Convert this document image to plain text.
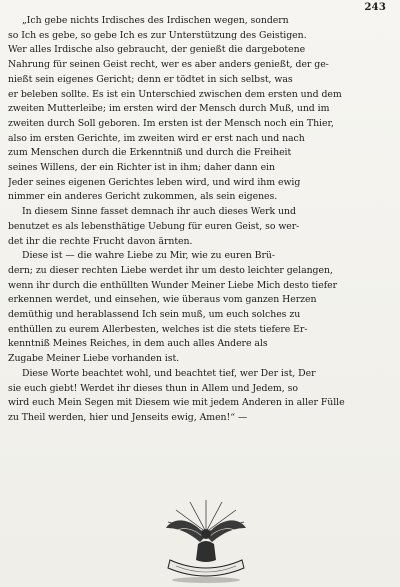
243

„Ich gebe nichts Irdisches des Irdischen wegen, sondern
so Ich es gebe, so gebe Ich es zur Unterstützung des Geistigen.
Wer alles Irdische also gebraucht, der genießt die dargebotene
Nahrung für seinen Geist recht, wer es aber anders genießt, der ge-
nießt sein eigenes Gericht; denn er tödtet in sich selbst, was
er beleben sollte. Es ist ein Unterschied zwischen dem ersten und dem
zweiten Mutterleibe; im ersten wird der Mensch durch Muß, und im
zweiten durch Soll geboren. Im ersten ist der Mensch noch ein Thier,
also im ersten Gerichte, im zweiten wird er erst nach und nach
zum Menschen durch die Erkenntniß und durch die Freiheit
seines Willens, der ein Richter ist in ihm; daher dann ein
Jeder seines eigenen Gerichtes leben wird, und wird ihm ewig
nimmer ein anderes Gericht zukommen, als sein eigenes.

In diesem Sinne fasset demnach ihr auch dieses Werk und
benutzet es als lebensthätige Uebung für euren Geist, so wer-
det ihr die rechte Frucht davon ärnten.

Diese ist — die wahre Liebe zu Mir, wie zu euren Brü-
dern; zu dieser rechten Liebe werdet ihr um desto leichter gelangen,
wenn ihr durch die enthüllten Wunder Meiner Liebe Mich desto tiefer
erkennen werdet, und einsehen, wie überaus vom ganzen Herzen
demüthig und herablassend Ich sein muß, um euch solches zu
enthüllen zu eurem Allerbesten, welches ist die stets tiefere Er-
kenntniß Meines Reiches, in dem auch alles Andere als
Zugabe Meiner Liebe vorhanden ist.

Diese Worte beachtet wohl, und beachtet tief, wer Der ist, Der
sie euch giebt! Werdet ihr dieses thun in Allem und Jedem, so
wird euch Mein Segen mit Diesem wie mit jedem Anderen in aller Fülle
zu Theil werden, hier und Jenseits ewig, Amen!“ —
